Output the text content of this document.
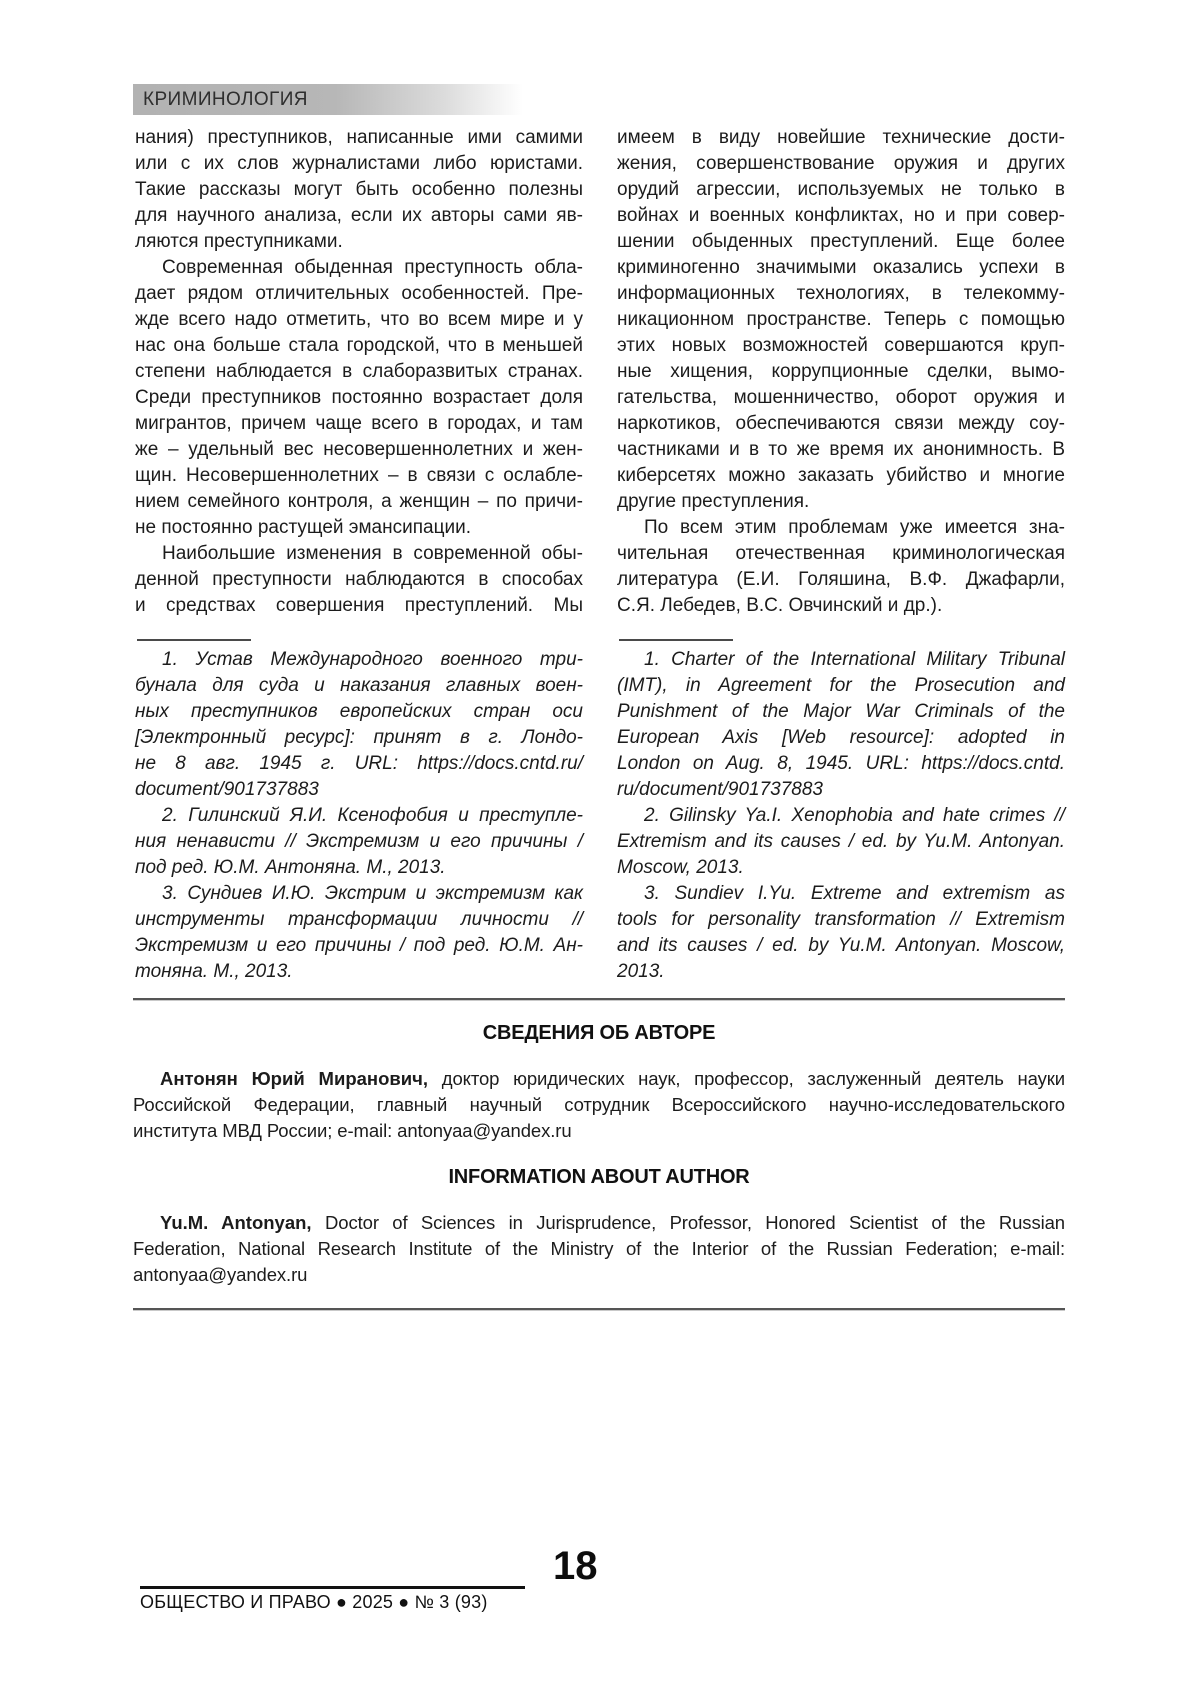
КРИМИНОЛОГИЯ
нания) преступников, написанные ими самими
или с их слов журналистами либо юристами.
Такие рассказы могут быть особенно полезны
для научного анализа, если их авторы сами яв-
ляются преступниками.
Современная обыденная преступность обла-
дает рядом отличительных особенностей. Пре-
жде всего надо отметить, что во всем мире и у
нас она больше стала городской, что в меньшей
степени наблюдается в слаборазвитых странах.
Среди преступников постоянно возрастает доля
мигрантов, причем чаще всего в городах, и там
же – удельный вес несовершеннолетних и жен-
щин. Несовершеннолетних – в связи с ослабле-
нием семейного контроля, а женщин – по причи-
не постоянно растущей эмансипации.
Наибольшие изменения в современной обы-
денной преступности наблюдаются в способах
и средствах совершения преступлений. Мы
1. Устав Международного военного три-
бунала для суда и наказания главных воен-
ных преступников европейских стран оси
[Электронный ресурс]: принят в г. Лондо-
не 8 авг. 1945 г. URL: https://docs.cntd.ru/
document/901737883
2. Гилинский Я.И. Ксенофобия и преступле-
ния ненависти // Экстремизм и его причины /
под ред. Ю.М. Антоняна. М., 2013.
3. Сундиев И.Ю. Экстрим и экстремизм как
инструменты трансформации личности //
Экстремизм и его причины / под ред. Ю.М. Ан-
тоняна. М., 2013.
имеем в виду новейшие технические дости-
жения, совершенствование оружия и других
орудий агрессии, используемых не только в
войнах и военных конфликтах, но и при совер-
шении обыденных преступлений. Еще более
криминогенно значимыми оказались успехи в
информационных технологиях, в телекомму-
никационном пространстве. Теперь с помощью
этих новых возможностей совершаются круп-
ные хищения, коррупционные сделки, вымо-
гательства, мошенничество, оборот оружия и
наркотиков, обеспечиваются связи между соу-
частниками и в то же время их анонимность. В
киберсетях можно заказать убийство и многие
другие преступления.
По всем этим проблемам уже имеется зна-
чительная отечественная криминологическая
литература (Е.И. Голяшина, В.Ф. Джафарли,
С.Я. Лебедев, В.С. Овчинский и др.).
1. Charter of the International Military Tribunal
(IMT), in Agreement for the Prosecution and
Punishment of the Major War Criminals of the
European Axis [Web resource]: adopted in
London on Aug. 8, 1945. URL: https://docs.cntd.
ru/document/901737883
2. Gilinsky Ya.I. Xenophobia and hate crimes //
Extremism and its causes / ed. by Yu.M. Antonyan.
Moscow, 2013.
3. Sundiev I.Yu. Extreme and extremism as
tools for personality transformation // Extremism
and its causes / ed. by Yu.M. Antonyan. Moscow,
2013.
СВЕДЕНИЯ ОБ АВТОРЕ
Антонян Юрий Миранович, доктор юридических наук, профессор, заслуженный деятель науки
Российской Федерации, главный научный сотрудник Всероссийского научно-исследовательского
института МВД России; e-mail: antonyaa@yandex.ru
INFORMATION ABOUT AUTHOR
Yu.M. Antonyan, Doctor of Sciences in Jurisprudence, Professor, Honored Scientist of the Russian
Federation, National Research Institute of the Ministry of the Interior of the Russian Federation; e-mail:
antonyaa@yandex.ru
18
ОБЩЕСТВО И ПРАВО ● 2025 ● № 3 (93)
